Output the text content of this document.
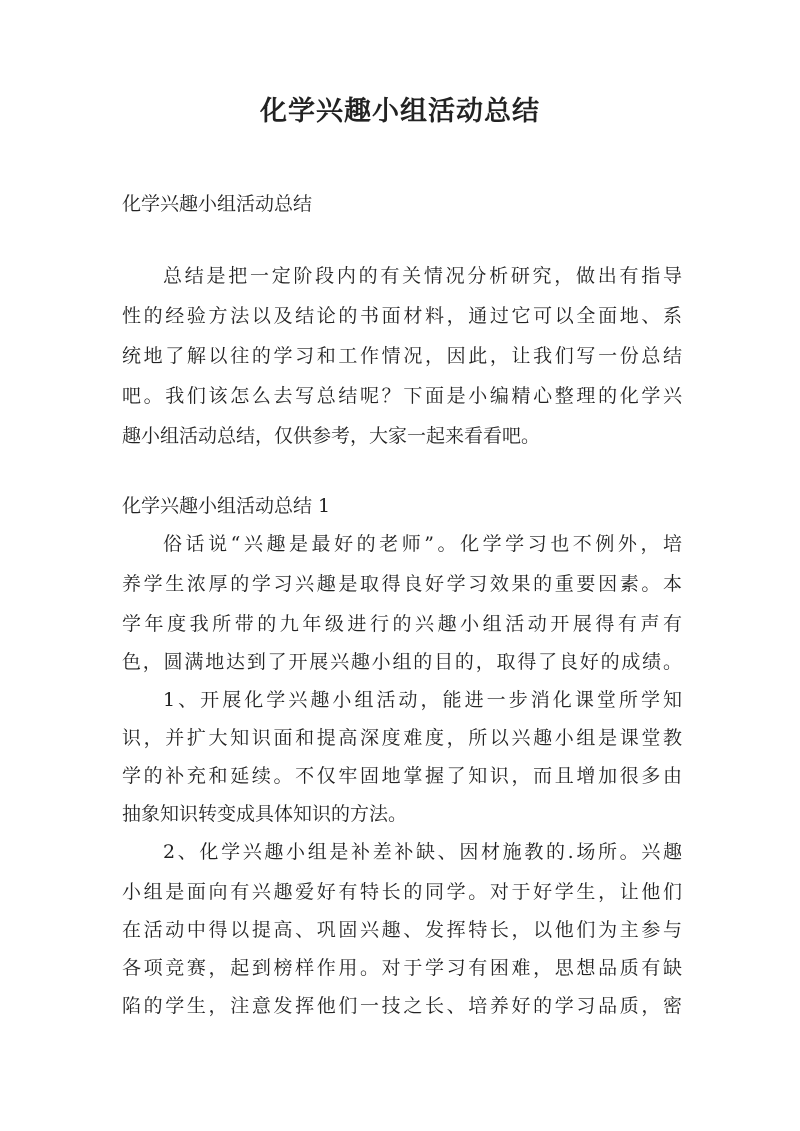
化学兴趣小组活动总结
化学兴趣小组活动总结
总结是把一定阶段内的有关情况分析研究，做出有指导
性的经验方法以及结论的书面材料，通过它可以全面地、系
统地了解以往的学习和工作情况，因此，让我们写一份总结
吧。我们该怎么去写总结呢？下面是小编精心整理的化学兴
趣小组活动总结，仅供参考，大家一起来看看吧。
化学兴趣小组活动总结 1
俗话说“兴趣是最好的老师”。化学学习也不例外，培
养学生浓厚的学习兴趣是取得良好学习效果的重要因素。本
学年度我所带的九年级进行的兴趣小组活动开展得有声有
色，圆满地达到了开展兴趣小组的目的，取得了良好的成绩。
1、开展化学兴趣小组活动，能进一步消化课堂所学知
识，并扩大知识面和提高深度难度，所以兴趣小组是课堂教
学的补充和延续。不仅牢固地掌握了知识，而且增加很多由
抽象知识转变成具体知识的方法。
2、化学兴趣小组是补差补缺、因材施教的.场所。兴趣
小组是面向有兴趣爱好有特长的同学。对于好学生，让他们
在活动中得以提高、巩固兴趣、发挥特长，以他们为主参与
各项竞赛，起到榜样作用。对于学习有困难，思想品质有缺
陷的学生，注意发挥他们一技之长、培养好的学习品质，密
